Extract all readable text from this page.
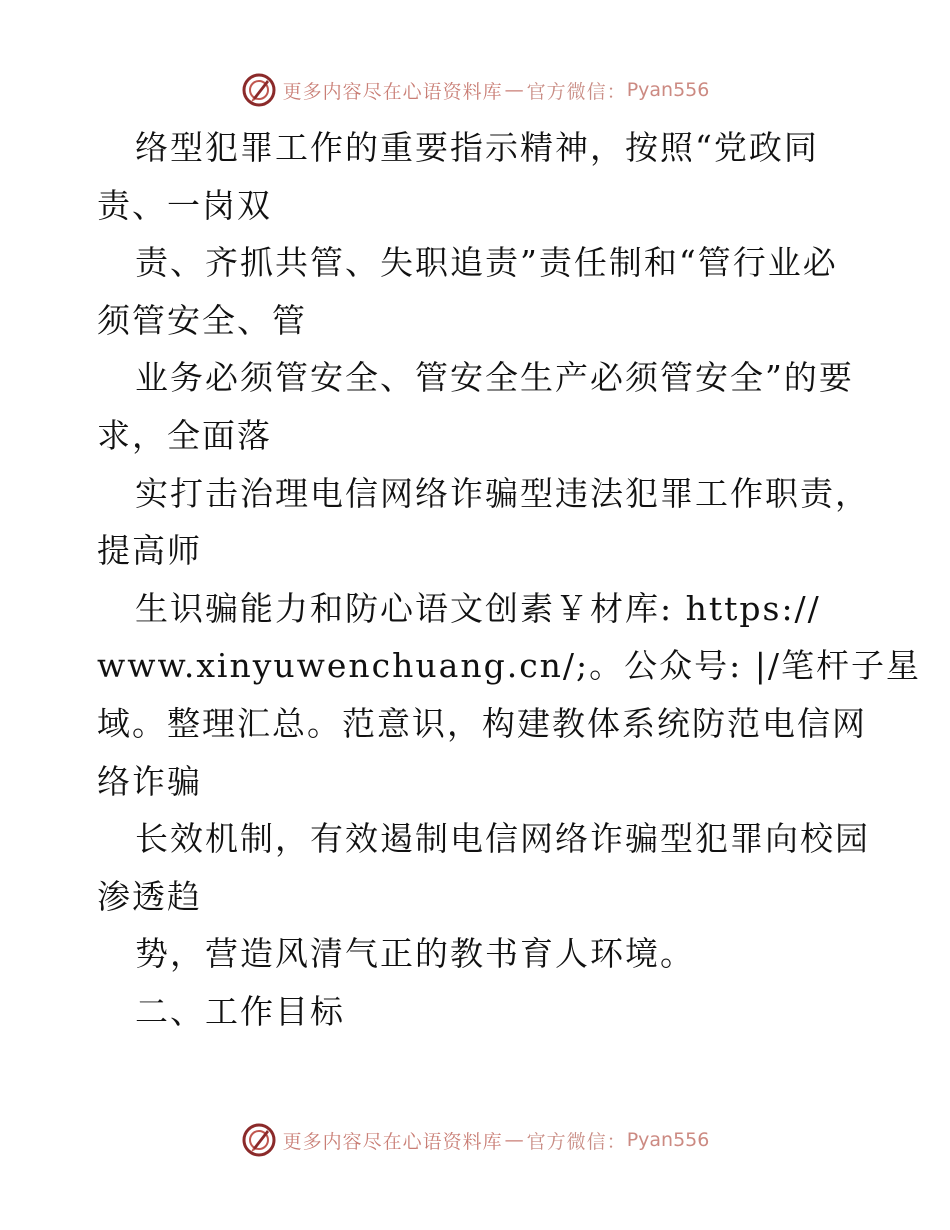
更多内容尽在心语资料库 — 官方微信： Pyan556
络型犯罪工作的重要指示精神，按照“党政同
责、一岗双
责、齐抓共管、失职追责”责任制和“管行业必
须管安全、管
业务必须管安全、管安全生产必须管安全”的要
求，全面落
实打击治理电信网络诈骗型违法犯罪工作职责，
提高师
生识骗能力和防心语文创素￥材库: https://
www.xinyuwenchuang.cn/;。公众号: |/笔杆子星
域。整理汇总。范意识，构建教体系统防范电信网
络诈骗
长效机制，有效遏制电信网络诈骗型犯罪向校园
渗透趋
势，营造风清气正的教书育人环境。
二、工作目标
更多内容尽在心语资料库 — 官方微信： Pyan556
